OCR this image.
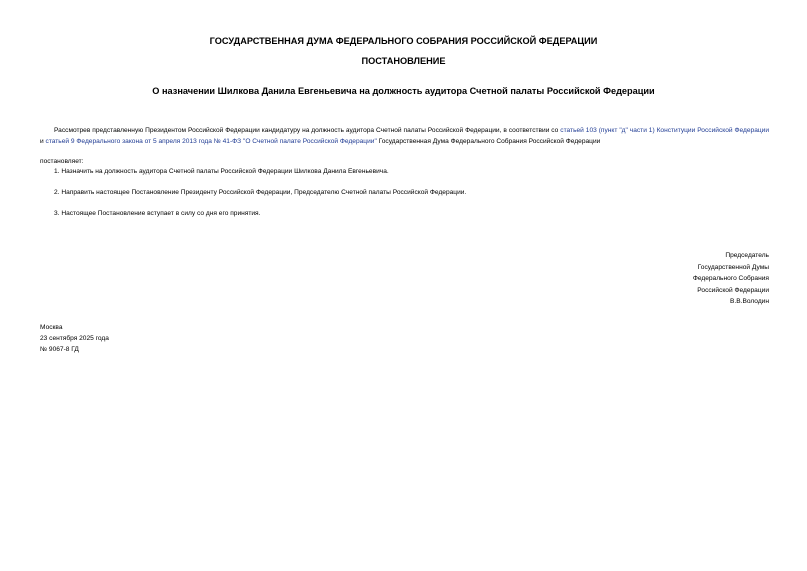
ГОСУДАРСТВЕННАЯ ДУМА ФЕДЕРАЛЬНОГО СОБРАНИЯ РОССИЙСКОЙ ФЕДЕРАЦИИ
ПОСТАНОВЛЕНИЕ
О назначении Шилкова Данила Евгеньевича на должность аудитора Счетной палаты Российской Федерации

Рассмотрев представленную Президентом Российской Федерации кандидатуру на должность аудитора Счетной палаты Российской Федерации, в соответствии со статьей 103 (пункт "д" части 1) Конституции Российской Федерации и статьей 9 Федерального закона от 5 апреля 2013 года № 41-ФЗ "О Счетной палате Российской Федерации" Государственная Дума Федерального Собрания Российской Федерации

постановляет:
1. Назначить на должность аудитора Счетной палаты Российской Федерации Шилкова Данила Евгеньевича.
2. Направить настоящее Постановление Президенту Российской Федерации, Председателю Счетной палаты Российской Федерации.
3. Настоящее Постановление вступает в силу со дня его принятия.
Председатель
Государственной Думы
Федерального Собрания
Российской Федерации
В.В.Володин
Москва
23 сентября 2025 года
№ 9067-8 ГД
